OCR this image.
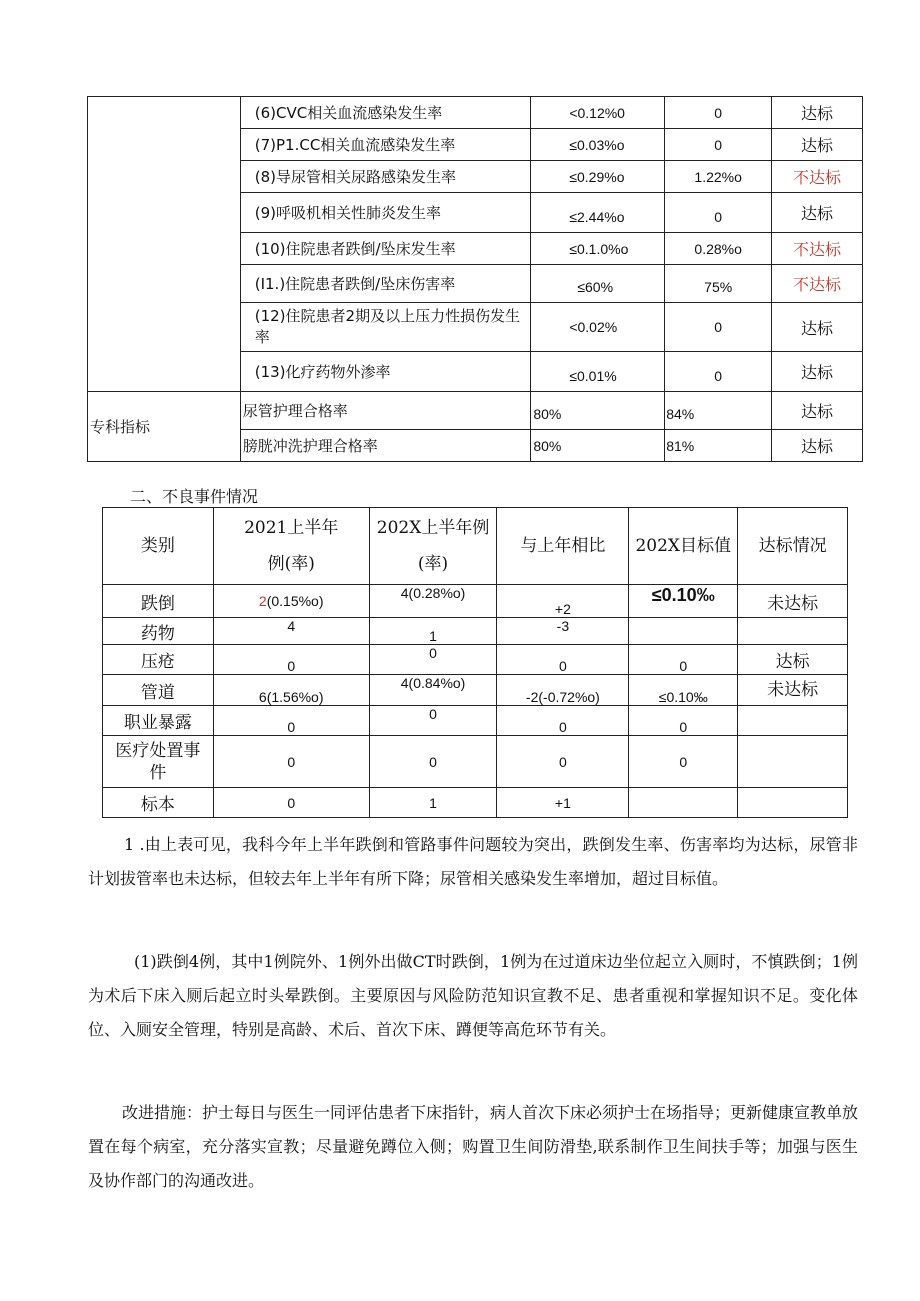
	(6)CVC相关血流感染发生率	<0.12%0	0	达标
	(7)P1.CC相关血流感染发生率	≤0.03%o	0	达标
	(8)导尿管相关尿路感染发生率	≤0.29%o	1.22%o	不达标
	(9)呼吸机相关性肺炎发生率	≤2.44%o	0	达标
	(10)住院患者跌倒/坠床发生率	≤0.1.0%o	0.28%o	不达标
	(I1.)住院患者跌倒/坠床伤害率	≤60%	75%	不达标
	(12)住院患者2期及以上压力性损伤发生率	<0.02%	0	达标
	(13)化疗药物外渗率	≤0.01%	0	达标
专科指标	尿管护理合格率	80%	84%	达标
	膀胱冲洗护理合格率	80%	81%	达标
二、不良事件情况
类别	2021上半年例(率)	202X上半年例(率)	与上年相比	202X目标值	达标情况
跌倒	2(0.15%o)	4(0.28%o)	+2	≤0.10‰	未达标
药物	4	1	-3		
压疮	0	0	0	0	达标
管道	6(1.56%o)	4(0.84%o)	-2(-0.72%o)	≤0.10‰	未达标
职业暴露	0	0	0	0	
医疗处置事件	0	0	0	0	
标本	0	1	+1		

1 .由上表可见，我科今年上半年跌倒和管路事件问题较为突出，跌倒发生率、伤害率均为达标，尿管非计划拔管率也未达标，但较去年上半年有所下降；尿管相关感染发生率增加，超过目标值。

(1)跌倒4例，其中1例院外、1例外出做CT时跌倒，1例为在过道床边坐位起立入厕时，不慎跌倒；1例为术后下床入厕后起立时头晕跌倒。主要原因与风险防范知识宣教不足、患者重视和掌握知识不足。变化体位、入厕安全管理，特别是高龄、术后、首次下床、蹲便等高危环节有关。

改进措施：护士每日与医生一同评估患者下床指针，病人首次下床必须护士在场指导；更新健康宣教单放置在每个病室，充分落实宣教；尽量避免蹲位入侧；购置卫生间防滑垫,联系制作卫生间扶手等；加强与医生及协作部门的沟通改进。
